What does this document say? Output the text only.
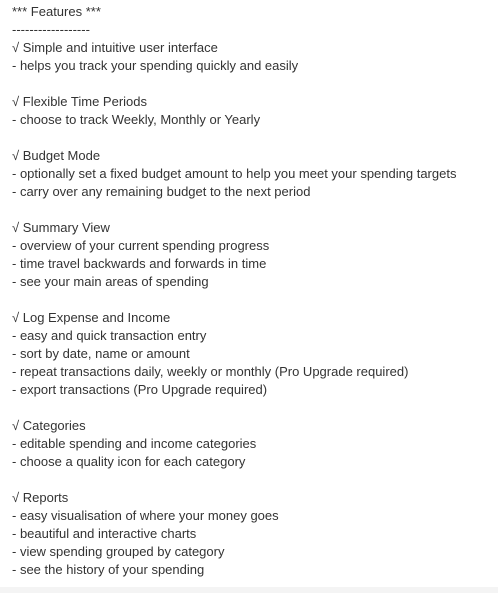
*** Features ***
------------------
√ Simple and intuitive user interface
- helps you track your spending quickly and easily
√ Flexible Time Periods
- choose to track Weekly, Monthly or Yearly
√ Budget Mode
- optionally set a fixed budget amount to help you meet your spending targets
- carry over any remaining budget to the next period
√ Summary View
- overview of your current spending progress
- time travel backwards and forwards in time
- see your main areas of spending
√ Log Expense and Income
- easy and quick transaction entry
- sort by date, name or amount
- repeat transactions daily, weekly or monthly (Pro Upgrade required)
- export transactions (Pro Upgrade required)
√ Categories
- editable spending and income categories
- choose a quality icon for each category
√ Reports
- easy visualisation of where your money goes
- beautiful and interactive charts
- view spending grouped by category
- see the history of your spending
